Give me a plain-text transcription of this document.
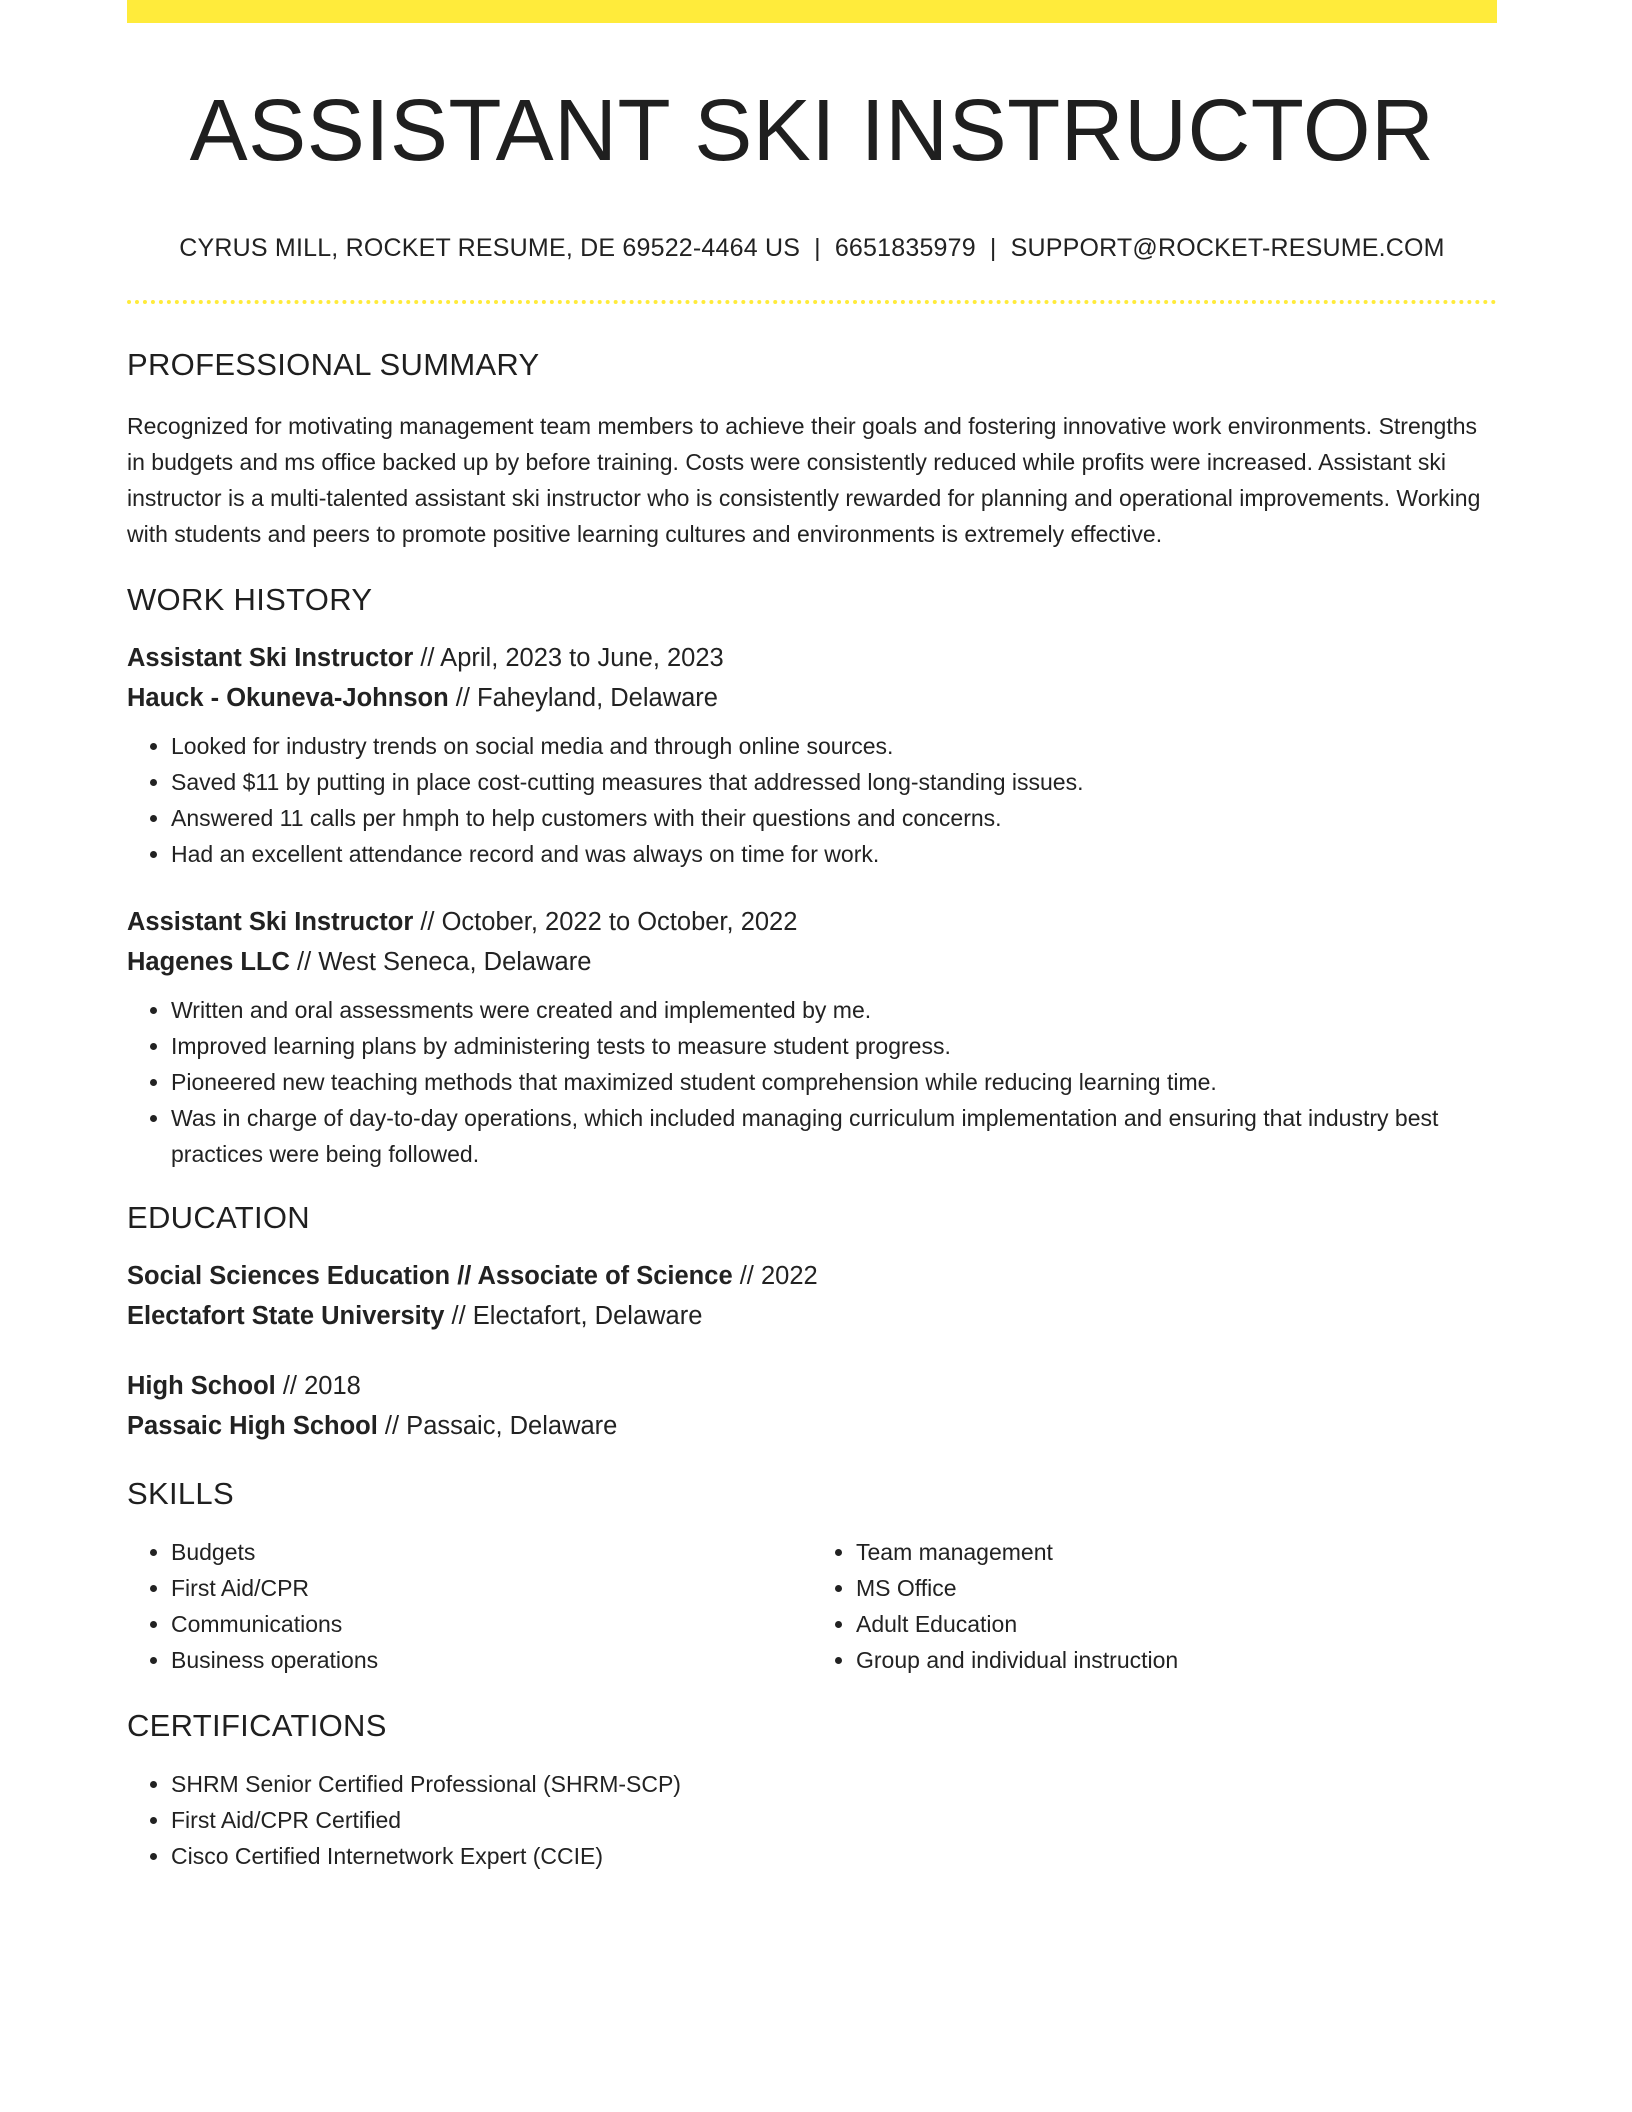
ASSISTANT SKI INSTRUCTOR
CYRUS MILL, ROCKET RESUME, DE 69522-4464 US | 6651835979 | SUPPORT@ROCKET-RESUME.COM
PROFESSIONAL SUMMARY
Recognized for motivating management team members to achieve their goals and fostering innovative work environments. Strengths in budgets and ms office backed up by before training. Costs were consistently reduced while profits were increased. Assistant ski instructor is a multi-talented assistant ski instructor who is consistently rewarded for planning and operational improvements. Working with students and peers to promote positive learning cultures and environments is extremely effective.
WORK HISTORY
Assistant Ski Instructor // April, 2023 to June, 2023
Hauck - Okuneva-Johnson // Faheyland, Delaware
• Looked for industry trends on social media and through online sources.
• Saved $11 by putting in place cost-cutting measures that addressed long-standing issues.
• Answered 11 calls per hmph to help customers with their questions and concerns.
• Had an excellent attendance record and was always on time for work.
Assistant Ski Instructor // October, 2022 to October, 2022
Hagenes LLC // West Seneca, Delaware
• Written and oral assessments were created and implemented by me.
• Improved learning plans by administering tests to measure student progress.
• Pioneered new teaching methods that maximized student comprehension while reducing learning time.
• Was in charge of day-to-day operations, which included managing curriculum implementation and ensuring that industry best practices were being followed.
EDUCATION
Social Sciences Education // Associate of Science // 2022
Electafort State University // Electafort, Delaware
High School // 2018
Passaic High School // Passaic, Delaware
SKILLS
• Budgets
• First Aid/CPR
• Communications
• Business operations
• Team management
• MS Office
• Adult Education
• Group and individual instruction
CERTIFICATIONS
• SHRM Senior Certified Professional (SHRM-SCP)
• First Aid/CPR Certified
• Cisco Certified Internetwork Expert (CCIE)
